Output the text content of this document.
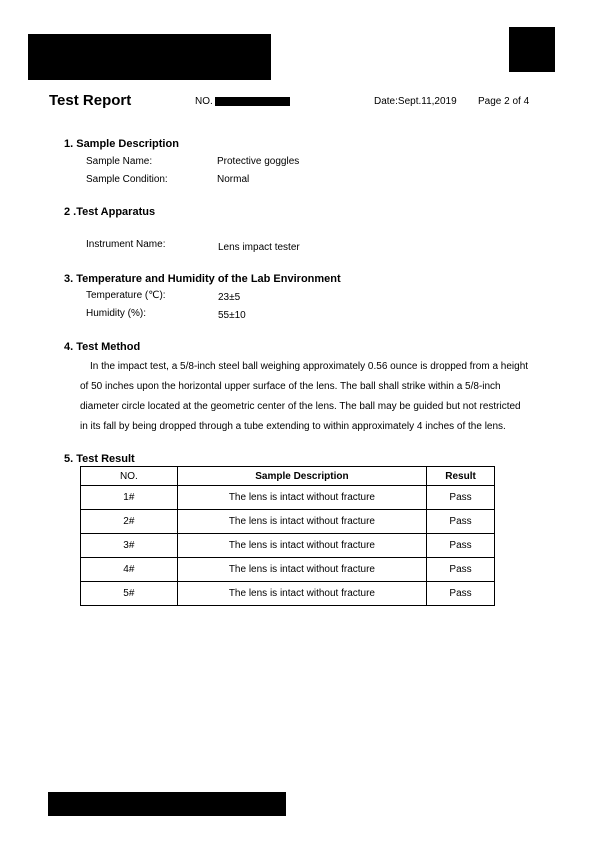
Test Report	NO.	Date:Sept.11,2019 Page 2 of 4
1. Sample Description
Sample Name:	Protective goggles
Sample Condition:	Normal
2 .Test Apparatus
Instrument Name:	Lens impact tester
3. Temperature and Humidity of the Lab Environment
Temperature (℃):	23±5
Humidity (%):	55±10
4. Test Method
In the impact test, a 5/8-inch steel ball weighing approximately 0.56 ounce is dropped from a height
of 50 inches upon the horizontal upper surface of the lens. The ball shall strike within a 5/8-inch
diameter circle located at the geometric center of the lens. The ball may be guided but not restricted
in its fall by being dropped through a tube extending to within approximately 4 inches of the lens.
5. Test Result
NO.	Sample Description	Result
1#	The lens is intact without fracture	Pass
2#	The lens is intact without fracture	Pass
3#	The lens is intact without fracture	Pass
4#	The lens is intact without fracture	Pass
5#	The lens is intact without fracture	Pass
